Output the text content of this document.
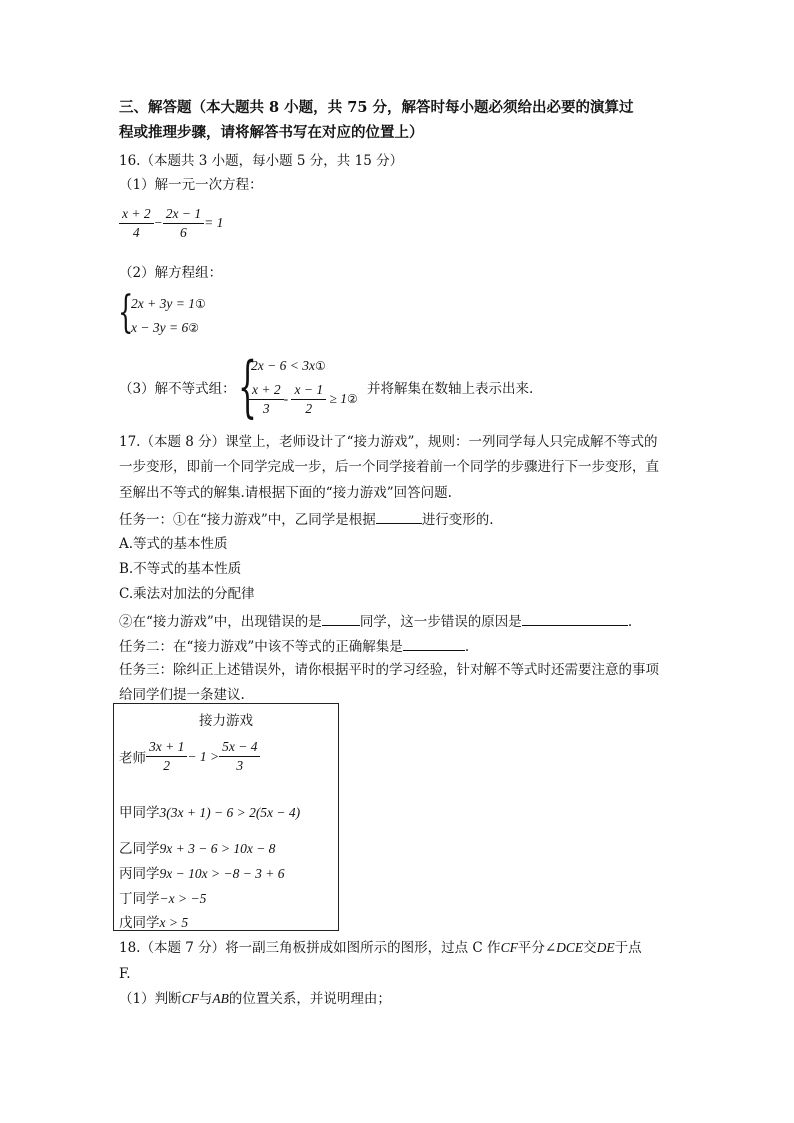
三、解答题（本大题共 8 小题，共 75 分，解答时每小题必须给出必要的演算过
程或推理步骤，请将解答书写在对应的位置上）
16.（本题共 3 小题，每小题 5 分，共 15 分）
（1）解一元一次方程：
$\frac{x + 2}{4} - \frac{2x - 1}{6} = 1$
（2）解方程组：
{
2x + 3y = 1①
x − 3y = 6②
（3）解不等式组： {
2x − 6 < 3x①
$\frac{x + 2}{3} - \frac{x - 1}{2}$ ≥ 1②
并将解集在数轴上表示出来.
17.（本题 8 分）课堂上，老师设计了“接力游戏”，规则：一列同学每人只完成解不等式的
一步变形，即前一个同学完成一步，后一个同学接着前一个同学的步骤进行下一步变形，直
至解出不等式的解集.请根据下面的“接力游戏”回答问题.
任务一：①在“接力游戏”中，乙同学是根据	进行变形的.
A.等式的基本性质
B.不等式的基本性质
C.乘法对加法的分配律
②在“接力游戏”中，出现错误的是	同学，这一步错误的原因是	.
任务二：在“接力游戏”中该不等式的正确解集是	.
任务三：除纠正上述错误外，请你根据平时的学习经验，针对解不等式时还需要注意的事项
给同学们提一条建议.
接力游戏
老师 $\frac{3x + 1}{2} - 1 > \frac{5x - 4}{3}$
甲同学3(3x + 1) − 6 > 2(5x − 4)
乙同学9x + 3 − 6 > 10x − 8
丙同学9x − 10x > −8 − 3 + 6
丁同学−x > −5
戊同学x > 5
18.（本题 7 分）将一副三角板拼成如图所示的图形，过点 C 作CF平分∠DCE交DE于点
F.
（1）判断CF与AB的位置关系，并说明理由；
